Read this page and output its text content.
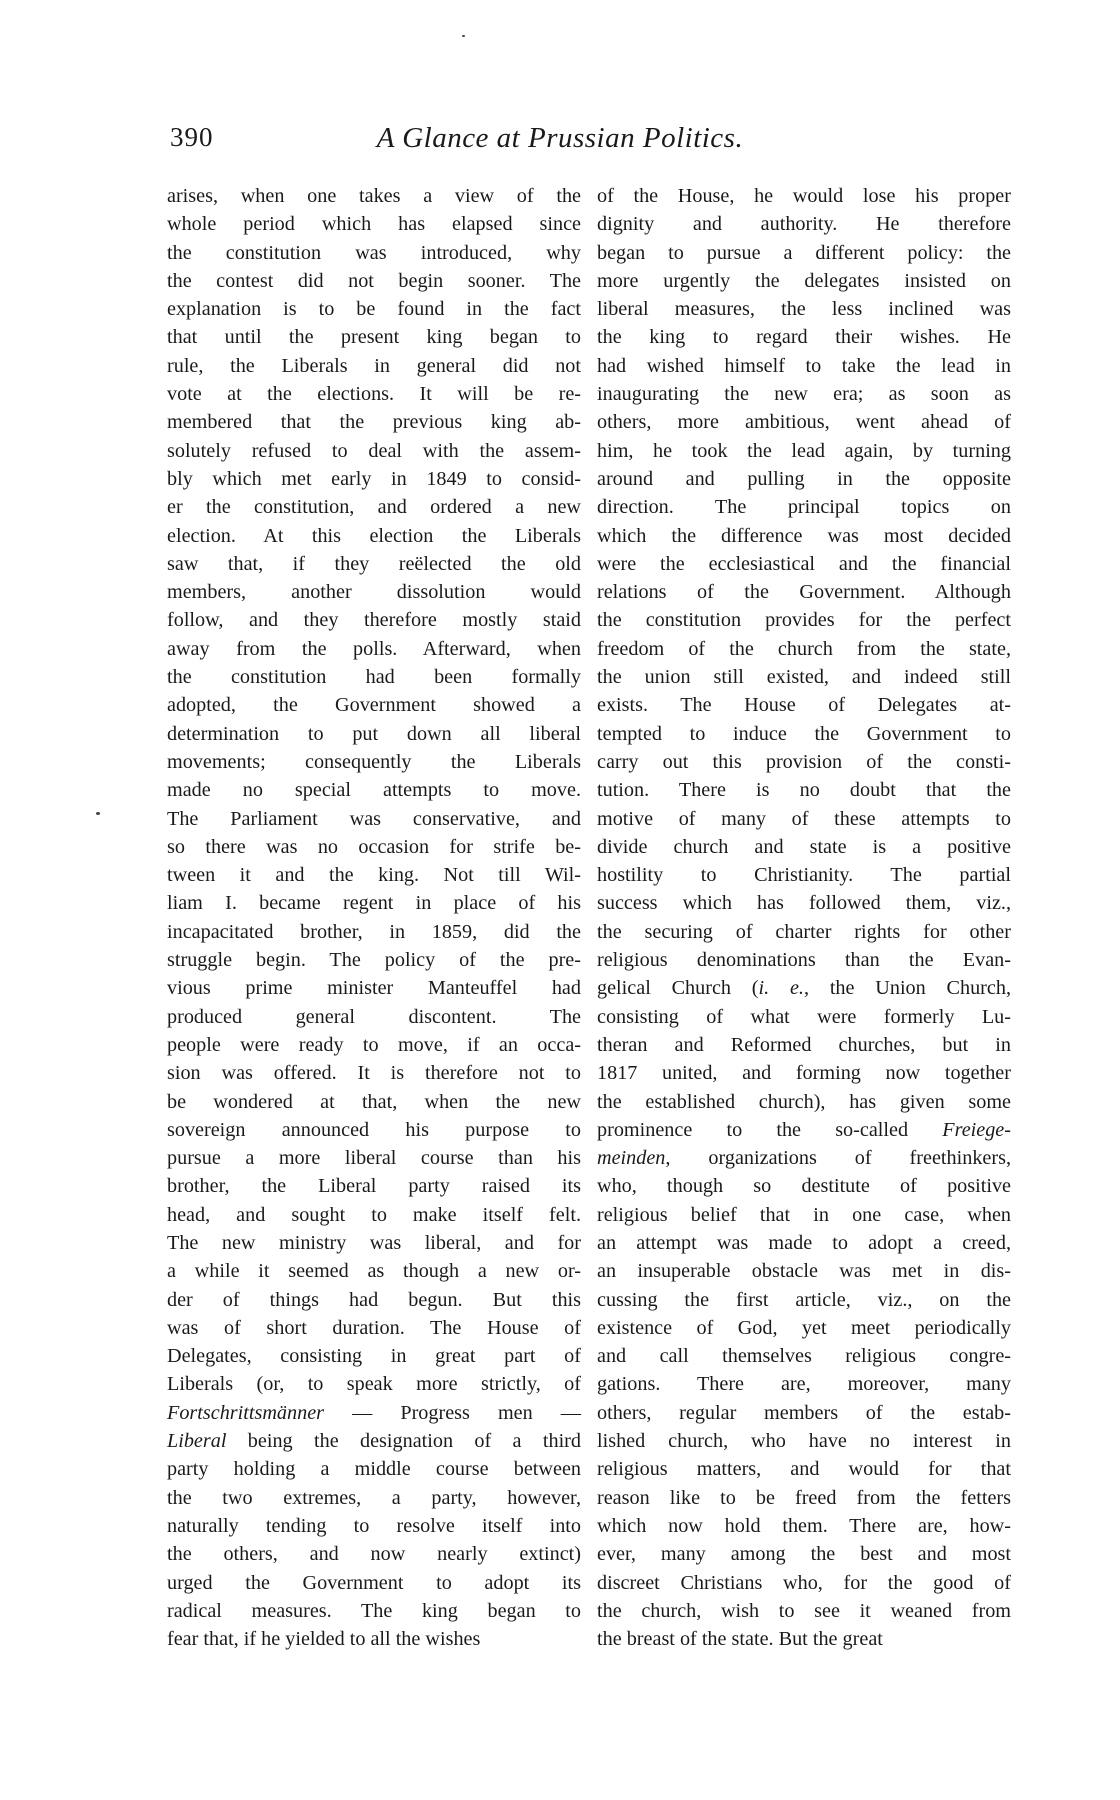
390	A Glance at Prussian Politics.
arises, when one takes a view of the
whole period which has elapsed since
the constitution was introduced, why
the contest did not begin sooner. The
explanation is to be found in the fact
that until the present king began to
rule, the Liberals in general did not
vote at the elections. It will be re-
membered that the previous king ab-
solutely refused to deal with the assem-
bly which met early in 1849 to consid-
er the constitution, and ordered a new
election. At this election the Liberals
saw that, if they reëlected the old
members, another dissolution would
follow, and they therefore mostly staid
away from the polls. Afterward, when
the constitution had been formally
adopted, the Government showed a
determination to put down all liberal
movements; consequently the Liberals
made no special attempts to move.
The Parliament was conservative, and
so there was no occasion for strife be-
tween it and the king. Not till Wil-
liam I. became regent in place of his
incapacitated brother, in 1859, did the
struggle begin. The policy of the pre-
vious prime minister Manteuffel had
produced general discontent. The
people were ready to move, if an occa-
sion was offered. It is therefore not to
be wondered at that, when the new
sovereign announced his purpose to
pursue a more liberal course than his
brother, the Liberal party raised its
head, and sought to make itself felt.
The new ministry was liberal, and for
a while it seemed as though a new or-
der of things had begun. But this
was of short duration. The House of
Delegates, consisting in great part of
Liberals (or, to speak more strictly, of
Fortschrittsmänner — Progress men —
Liberal being the designation of a third
party holding a middle course between
the two extremes, a party, however,
naturally tending to resolve itself into
the others, and now nearly extinct)
urged the Government to adopt its
radical measures. The king began to
fear that, if he yielded to all the wishes
of the House, he would lose his proper
dignity and authority. He therefore
began to pursue a different policy: the
more urgently the delegates insisted on
liberal measures, the less inclined was
the king to regard their wishes. He
had wished himself to take the lead in
inaugurating the new era; as soon as
others, more ambitious, went ahead of
him, he took the lead again, by turning
around and pulling in the opposite
direction. The principal topics on
which the difference was most decided
were the ecclesiastical and the financial
relations of the Government. Although
the constitution provides for the perfect
freedom of the church from the state,
the union still existed, and indeed still
exists. The House of Delegates at-
tempted to induce the Government to
carry out this provision of the consti-
tution. There is no doubt that the
motive of many of these attempts to
divide church and state is a positive
hostility to Christianity. The partial
success which has followed them, viz.,
the securing of charter rights for other
religious denominations than the Evan-
gelical Church (i. e., the Union Church,
consisting of what were formerly Lu-
theran and Reformed churches, but in
1817 united, and forming now together
the established church), has given some
prominence to the so-called Freiege-
meinden, organizations of freethinkers,
who, though so destitute of positive
religious belief that in one case, when
an attempt was made to adopt a creed,
an insuperable obstacle was met in dis-
cussing the first article, viz., on the
existence of God, yet meet periodically
and call themselves religious congre-
gations. There are, moreover, many
others, regular members of the estab-
lished church, who have no interest in
religious matters, and would for that
reason like to be freed from the fetters
which now hold them. There are, how-
ever, many among the best and most
discreet Christians who, for the good of
the church, wish to see it weaned from
the breast of the state. But the great
